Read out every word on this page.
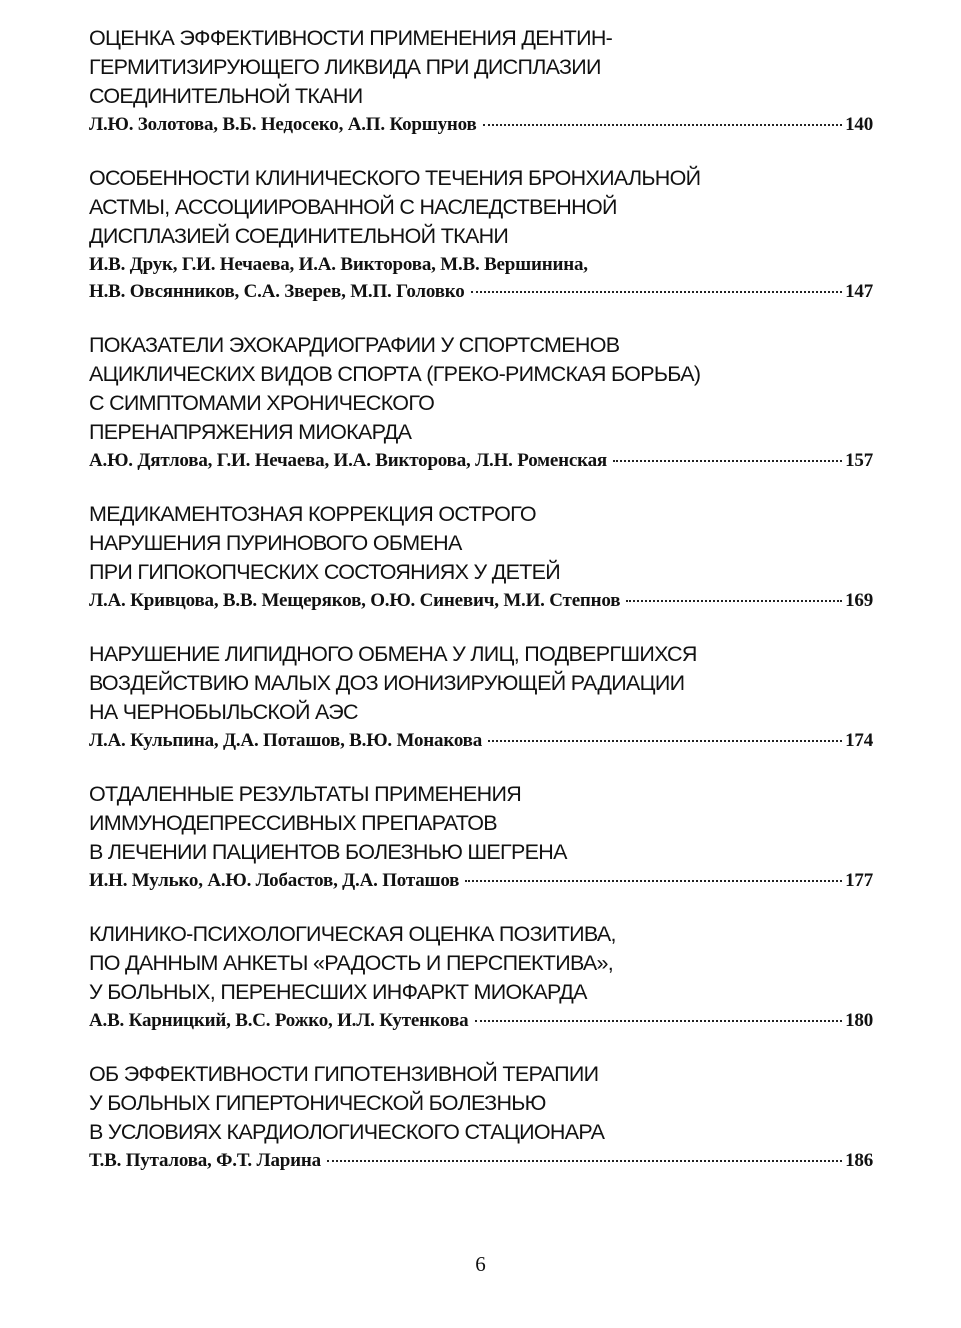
ОЦЕНКА ЭФФЕКТИВНОСТИ ПРИМЕНЕНИЯ ДЕНТИН-
ГЕРМИТИЗИРУЮЩЕГО ЛИКВИДА ПРИ ДИСПЛАЗИИ
СОЕДИНИТЕЛЬНОЙ ТКАНИ
Л.Ю. Золотова, В.Б. Недосеко, А.П. Коршунов	140
ОСОБЕННОСТИ КЛИНИЧЕСКОГО ТЕЧЕНИЯ БРОНХИАЛЬНОЙ
АСТМЫ, АССОЦИИРОВАННОЙ С НАСЛЕДСТВЕННОЙ
ДИСПЛАЗИЕЙ СОЕДИНИТЕЛЬНОЙ ТКАНИ
И.В. Друк, Г.И. Нечаева, И.А. Викторова, М.В. Вершинина,
Н.В. Овсянников, С.А. Зверев, М.П. Головко	147
ПОКАЗАТЕЛИ ЭХОКАРДИОГРАФИИ У СПОРТСМЕНОВ
АЦИКЛИЧЕСКИХ ВИДОВ СПОРТА (ГРЕКО-РИМСКАЯ БОРЬБА)
С СИМПТОМАМИ ХРОНИЧЕСКОГО
ПЕРЕНАПРЯЖЕНИЯ МИОКАРДА
А.Ю. Дятлова, Г.И. Нечаева, И.А. Викторова, Л.Н. Роменская	157
МЕДИКАМЕНТОЗНАЯ КОРРЕКЦИЯ ОСТРОГО
НАРУШЕНИЯ ПУРИНОВОГО ОБМЕНА
ПРИ ГИПОКОПЧЕСКИХ СОСТОЯНИЯХ У ДЕТЕЙ
Л.А. Кривцова, В.В. Мещеряков, О.Ю. Синевич, М.И. Степнов	169
НАРУШЕНИЕ ЛИПИДНОГО ОБМЕНА У ЛИЦ, ПОДВЕРГШИХСЯ
ВОЗДЕЙСТВИЮ МАЛЫХ ДОЗ ИОНИЗИРУЮЩЕЙ РАДИАЦИИ
НА ЧЕРНОБЫЛЬСКОЙ АЭС
Л.А. Кульпина, Д.А. Поташов, В.Ю. Монакова	174
ОТДАЛЕННЫЕ РЕЗУЛЬТАТЫ ПРИМЕНЕНИЯ
ИММУНОДЕПРЕССИВНЫХ ПРЕПАРАТОВ
В ЛЕЧЕНИИ ПАЦИЕНТОВ БОЛЕЗНЬЮ ШЕГРЕНА
И.Н. Мулько, А.Ю. Лобастов, Д.А. Поташов	177
КЛИНИКО-ПСИХОЛОГИЧЕСКАЯ ОЦЕНКА ПОЗИТИВА,
ПО ДАННЫМ АНКЕТЫ «РАДОСТЬ И ПЕРСПЕКТИВА»,
У БОЛЬНЫХ, ПЕРЕНЕСШИХ ИНФАРКТ МИОКАРДА
А.В. Карницкий, В.С. Рожко, И.Л. Кутенкова	180
ОБ ЭФФЕКТИВНОСТИ ГИПОТЕНЗИВНОЙ ТЕРАПИИ
У БОЛЬНЫХ ГИПЕРТОНИЧЕСКОЙ БОЛЕЗНЬЮ
В УСЛОВИЯХ КАРДИОЛОГИЧЕСКОГО СТАЦИОНАРА
Т.В. Путалова, Ф.Т. Ларина	186
6
